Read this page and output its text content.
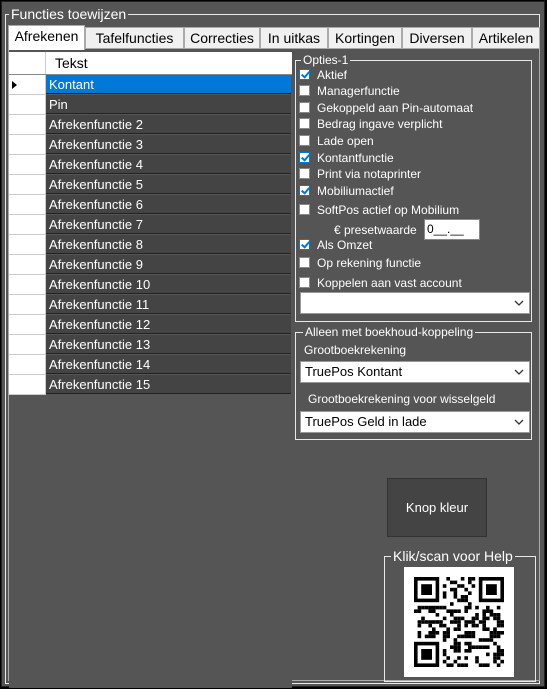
Functies toewijzen
Afrekenen	Tafelfuncties	Correcties	In uitkas	Kortingen	Diversen	Artikelen
Tekst
Kontant
Pin
Afrekenfunctie 2
Afrekenfunctie 3
Afrekenfunctie 4
Afrekenfunctie 5
Afrekenfunctie 6
Afrekenfunctie 7
Afrekenfunctie 8
Afrekenfunctie 9
Afrekenfunctie 10
Afrekenfunctie 11
Afrekenfunctie 12
Afrekenfunctie 13
Afrekenfunctie 14
Afrekenfunctie 15
Opties-1
Aktief
Managerfunctie
Gekoppeld aan Pin-automaat
Bedrag ingave verplicht
Lade open
Kontantfunctie
Print via notaprinter
Mobiliumactief
SoftPos actief op Mobilium
€ presetwaarde 0__.__
Als Omzet
Op rekening functie
Koppelen aan vast account
Alleen met boekhoud-koppeling
Grootboekrekening
TruePos Kontant
Grootboekrekening voor wisselgeld
TruePos Geld in lade
Knop kleur
Klik/scan voor Help
